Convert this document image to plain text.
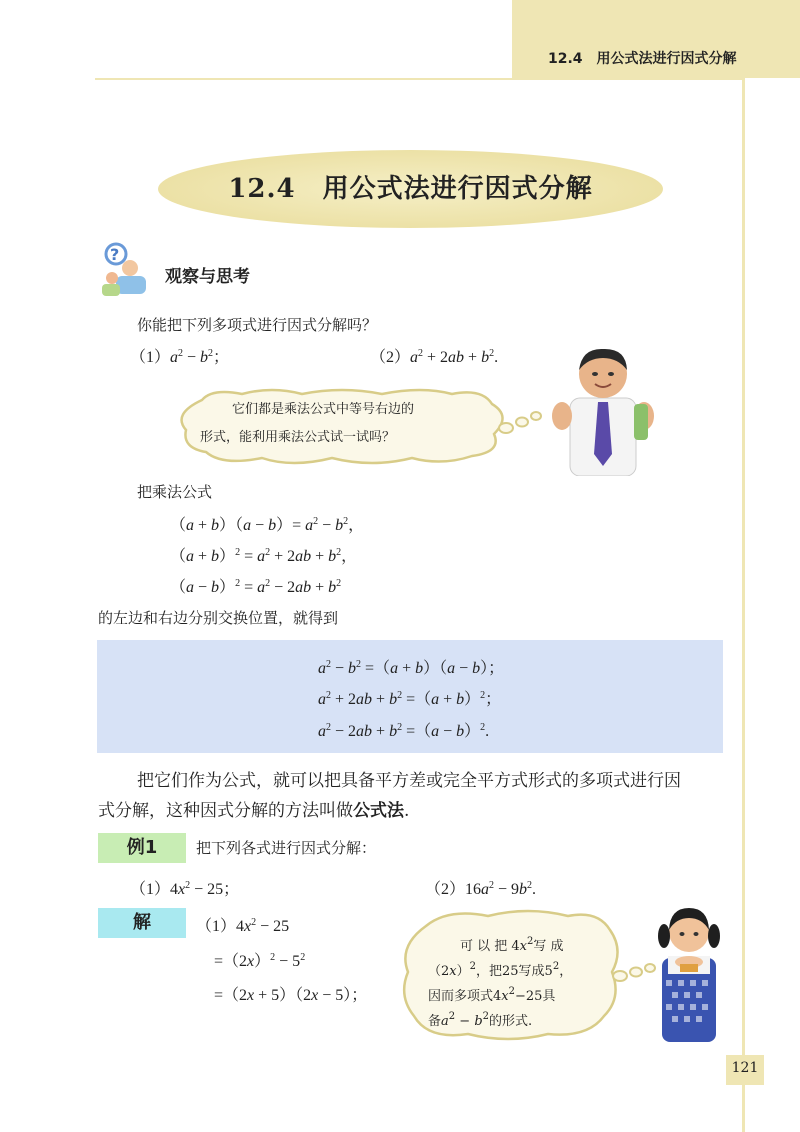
12.4　用公式法进行因式分解
12.4　用公式法进行因式分解
?
观察与思考
你能把下列多项式进行因式分解吗？
$(1)a^2 - b^2$；	$(2)a^2 + 2ab + b^2$.
它们都是乘法公式中等号右边的
形式，能利用乘法公式试一试吗？
把乘法公式
$(a + b)(a - b)= a^2 - b^2$，
$(a + b)^2 = a^2 + 2ab + b^2$，
$(a - b)^2 = a^2 - 2ab + b^2$
的左边和右边分别交换位置，就得到
$a^2 - b^2 =(a + b)(a - b)$；
$a^2 + 2ab + b^2 =(a + b)^2$；
$a^2 - 2ab + b^2 =(a - b)^2$.
把它们作为公式，就可以把具备平方差或完全平方式形式的多项式进行因
式分解，这种因式分解的方法叫做公式法.
例1	把下列各式进行因式分解：
$(1)4x^2 - 25$；	$(2)16a^2 - 9b^2$.
解	$(1)4x^2 - 25$
$=(2x)^2 - 5^2$
=（2x + 5）（2x − 5）；
可 以 把 $4x^2$写 成
$(2x)^2$，把25写成$5^2$，
因而多项式$4x^2-25$具
备$a^2 - b^2$的形式.
121
